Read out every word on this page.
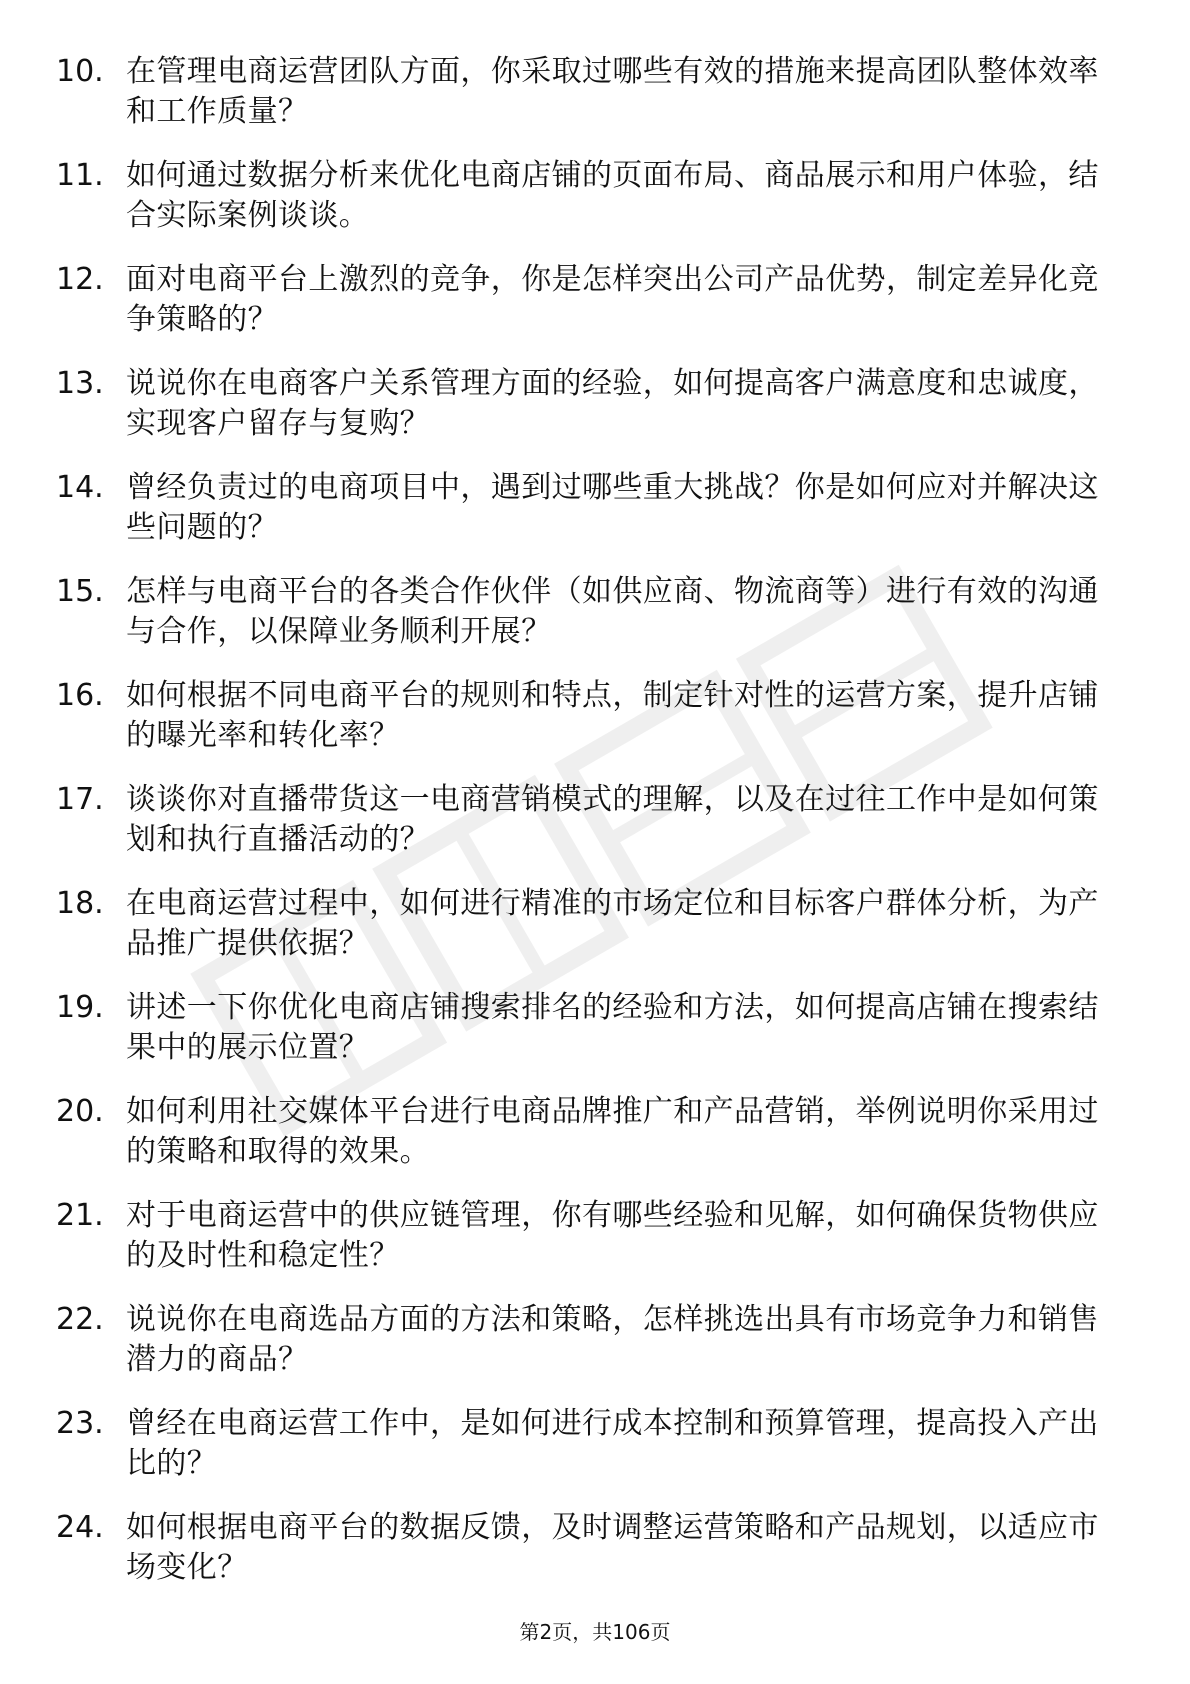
10. 在管理电商运营团队方面，你采取过哪些有效的措施来提高团队整体效率和工作质量？
11. 如何通过数据分析来优化电商店铺的页面布局、商品展示和用户体验，结合实际案例谈谈。
12. 面对电商平台上激烈的竞争，你是怎样突出公司产品优势，制定差异化竞争策略的？
13. 说说你在电商客户关系管理方面的经验，如何提高客户满意度和忠诚度，实现客户留存与复购？
14. 曾经负责过的电商项目中，遇到过哪些重大挑战？你是如何应对并解决这些问题的？
15. 怎样与电商平台的各类合作伙伴（如供应商、物流商等）进行有效的沟通与合作，以保障业务顺利开展？
16. 如何根据不同电商平台的规则和特点，制定针对性的运营方案，提升店铺的曝光率和转化率？
17. 谈谈你对直播带货这一电商营销模式的理解，以及在过往工作中是如何策划和执行直播活动的？
18. 在电商运营过程中，如何进行精准的市场定位和目标客户群体分析，为产品推广提供依据？
19. 讲述一下你优化电商店铺搜索排名的经验和方法，如何提高店铺在搜索结果中的展示位置？
20. 如何利用社交媒体平台进行电商品牌推广和产品营销，举例说明你采用过的策略和取得的效果。
21. 对于电商运营中的供应链管理，你有哪些经验和见解，如何确保货物供应的及时性和稳定性？
22. 说说你在电商选品方面的方法和策略，怎样挑选出具有市场竞争力和销售潜力的商品？
23. 曾经在电商运营工作中，是如何进行成本控制和预算管理，提高投入产出比的？
24. 如何根据电商平台的数据反馈，及时调整运营策略和产品规划，以适应市场变化？
第2页，共106页
